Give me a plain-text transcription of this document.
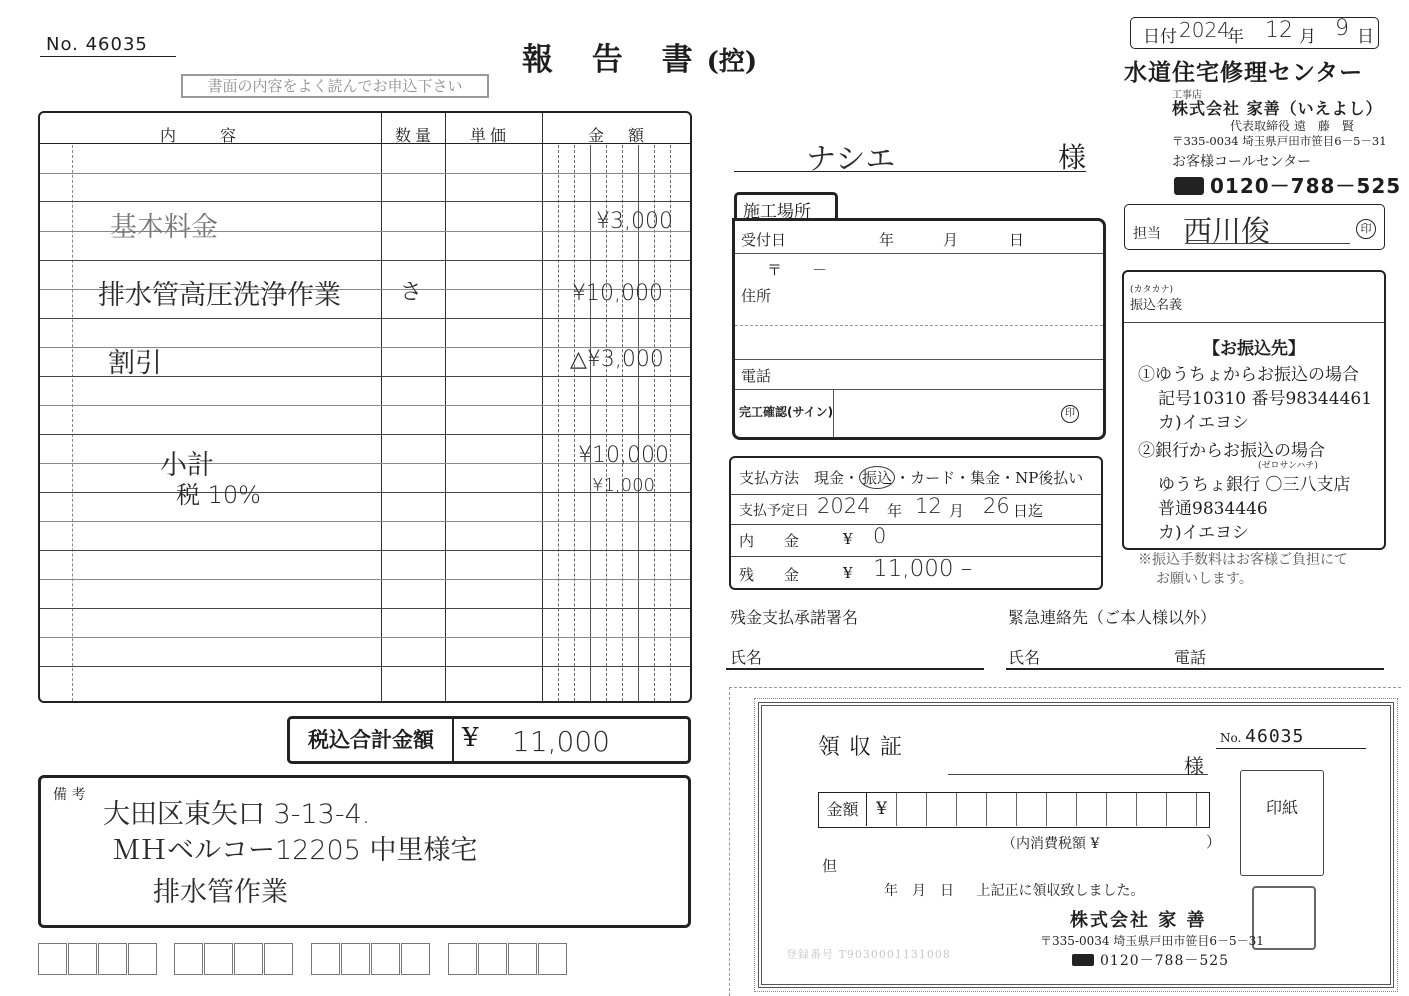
No. 46035	報 告 書(控)
書面の内容をよく読んでお申込下さい
内　　容	数量 単価	金　額
基本料金	¥3,000
排水管高圧洗浄作業	さ	¥10,000
割引	△¥3,000
小計	¥10,000
税 10%	¥1,000
税込合計金額	¥ 11,000
備 考
大田区東矢口 3-13-4.
ＭＨベルコー12205 中里様宅
排水管作業
日付 2024
年 12 月 9 日
水道住宅修理センター
工事店
株式会社 家善（いえよし）
代表取締役 遠　藤　賢
〒335-0034 埼玉県戸田市笹目6－5－31
お客様コールセンター
0120－788－525
ナシエ	様
担当 西川俊	印
施工場所
受付日	年	月	日
〒　　－
住所
電話
完工確認(サイン)	印
支払方法　 現金・ 振込 ・カード・集金・NP後払い
支払予定日 2024 年 12 月 26 日迄
内　　金	¥ 0
残　　金	¥ 11,000 –
(カタカナ)
振込名義
【お振込先】
①ゆうちょからお振込の場合
記号10310 番号98344461
カ)イエヨシ
②銀行からお振込の場合
(ゼロサンハチ)
ゆうちょ銀行 〇三八支店
普通9834446
カ)イエヨシ
※振込手数料はお客様ご負担にて
お願いします。
残金支払承諾署名	緊急連絡先（ご本人様以外）
氏名	氏名	電話
領収証	No. 46035
様
金額	¥
（内消費税額 ¥	）
但
年　月　日 上記正に領収致しました。
印紙
株式会社 家 善
〒335-0034 埼玉県戸田市笹目6－5－31
0120－788－525
登録番号 T9030001131008
